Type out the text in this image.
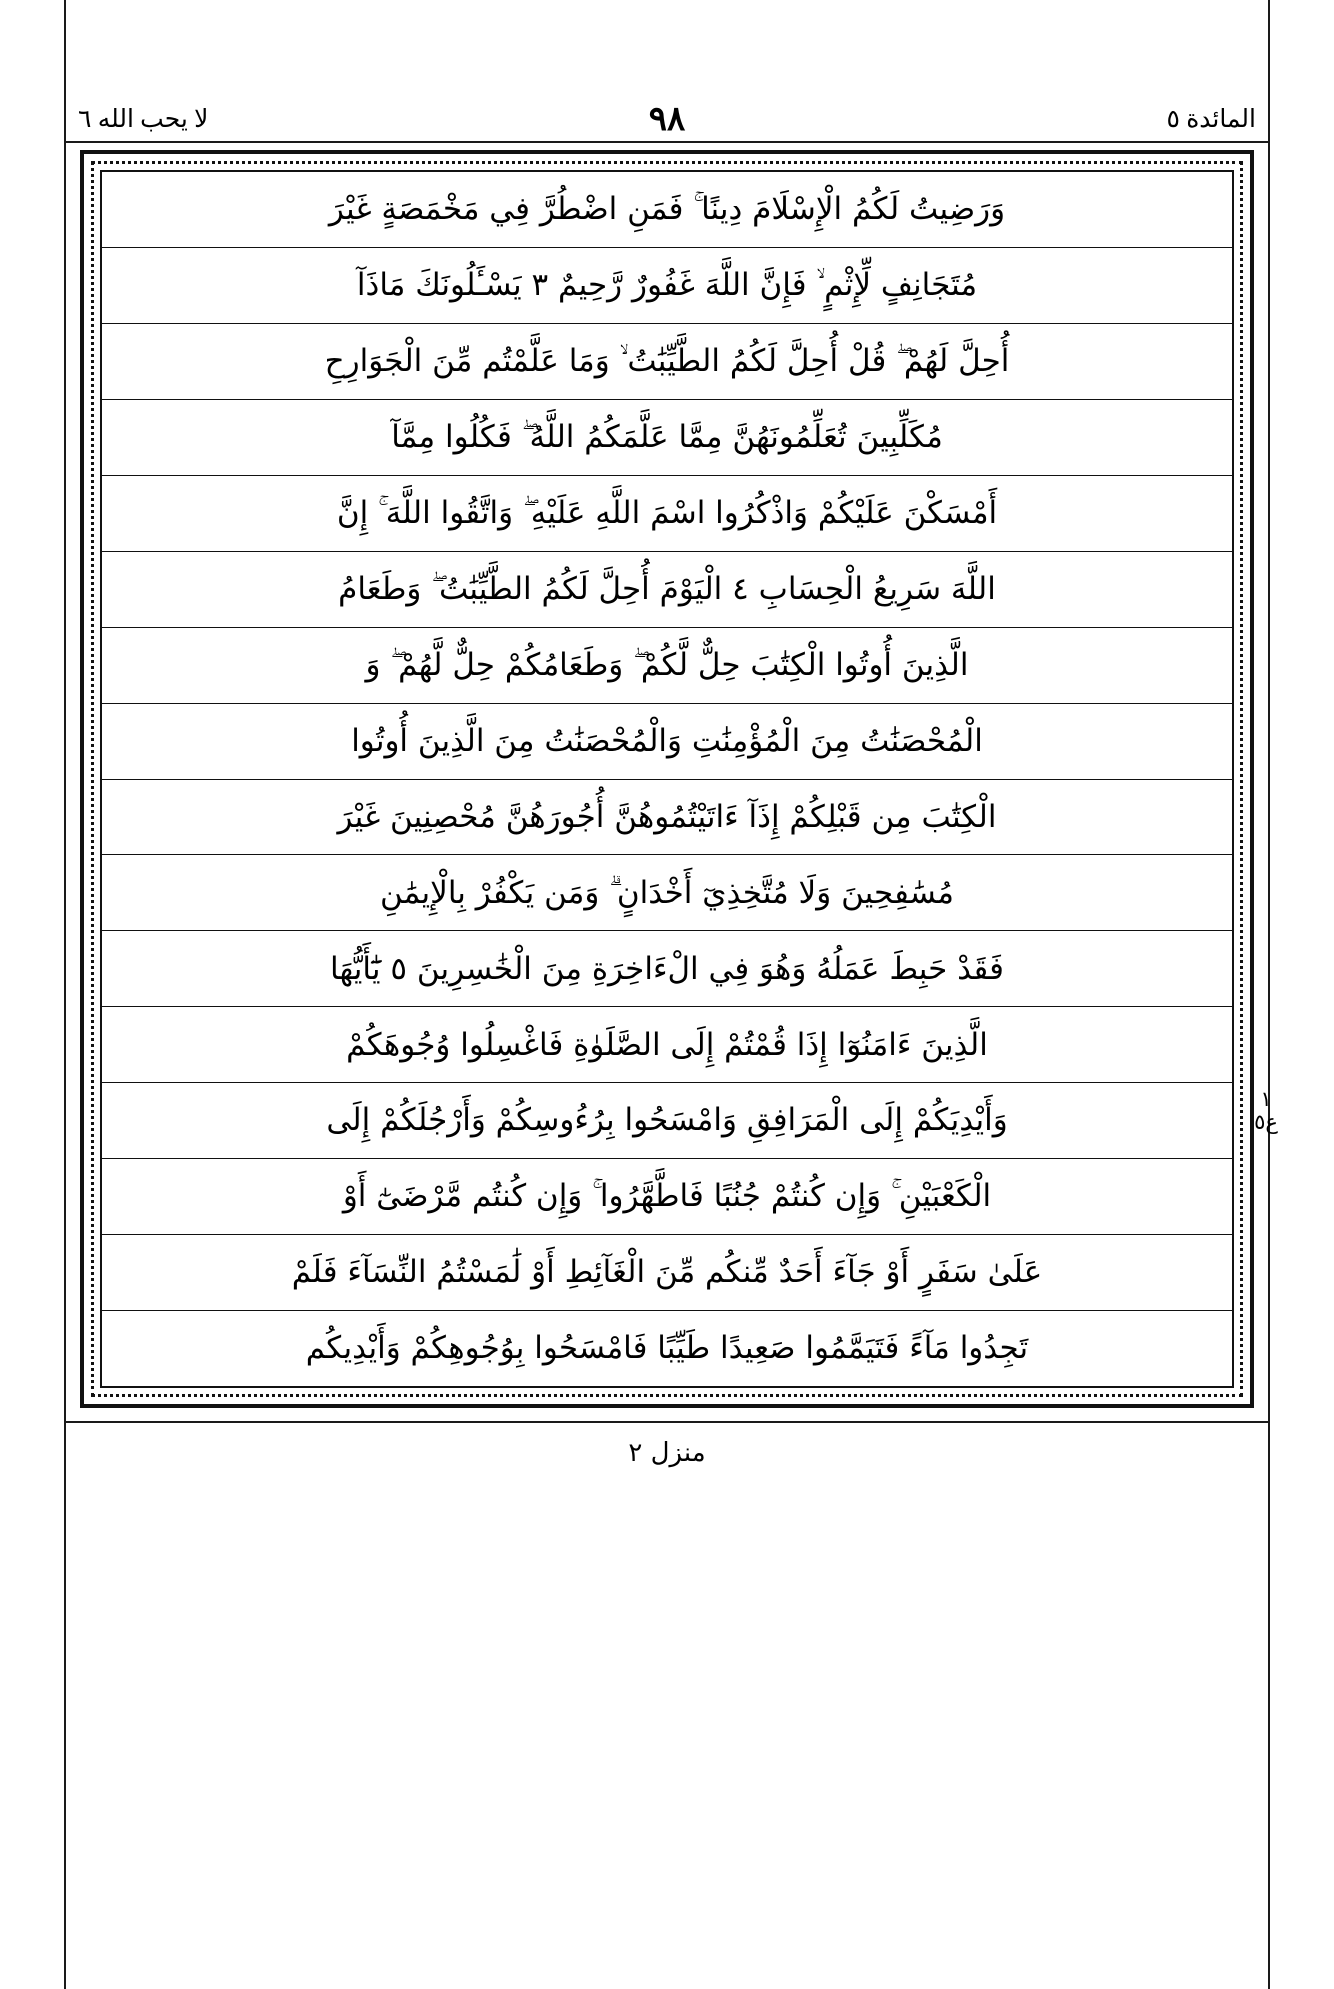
المائدة ٥
٩٨
لا يحب الله ٦
وَرَضِيتُ لَكُمُ الْإِسْلَامَ دِينًا ۚ فَمَنِ اضْطُرَّ فِي مَخْمَصَةٍ غَيْرَ
مُتَجَانِفٍ لِّإِثْمٍ ۙ فَإِنَّ اللَّهَ غَفُورٌ رَّحِيمٌ ٣ يَسْـَٔلُونَكَ مَاذَآ
أُحِلَّ لَهُمْ ۖ قُلْ أُحِلَّ لَكُمُ الطَّيِّبَٰتُ ۙ وَمَا عَلَّمْتُم مِّنَ الْجَوَارِحِ
مُكَلِّبِينَ تُعَلِّمُونَهُنَّ مِمَّا عَلَّمَكُمُ اللَّهُ ۖ فَكُلُوا مِمَّآ
أَمْسَكْنَ عَلَيْكُمْ وَاذْكُرُوا اسْمَ اللَّهِ عَلَيْهِ ۖ وَاتَّقُوا اللَّهَ ۚ إِنَّ
اللَّهَ سَرِيعُ الْحِسَابِ ٤ الْيَوْمَ أُحِلَّ لَكُمُ الطَّيِّبَٰتُ ۖ وَطَعَامُ
الَّذِينَ أُوتُوا الْكِتَٰبَ حِلٌّ لَّكُمْ ۖ وَطَعَامُكُمْ حِلٌّ لَّهُمْ ۖ وَ
الْمُحْصَنَٰتُ مِنَ الْمُؤْمِنَٰتِ وَالْمُحْصَنَٰتُ مِنَ الَّذِينَ أُوتُوا
الْكِتَٰبَ مِن قَبْلِكُمْ إِذَآ ءَاتَيْتُمُوهُنَّ أُجُورَهُنَّ مُحْصِنِينَ غَيْرَ
مُسَٰفِحِينَ وَلَا مُتَّخِذِيٓ أَخْدَانٍ ۗ وَمَن يَكْفُرْ بِالْإِيمَٰنِ
فَقَدْ حَبِطَ عَمَلُهُ وَهُوَ فِي الْءَاخِرَةِ مِنَ الْخَٰسِرِينَ ٥ يَٰٓأَيُّهَا
الَّذِينَ ءَامَنُوٓا إِذَا قُمْتُمْ إِلَى الصَّلَوٰةِ فَاغْسِلُوا وُجُوهَكُمْ
وَأَيْدِيَكُمْ إِلَى الْمَرَافِقِ وَامْسَحُوا بِرُءُوسِكُمْ وَأَرْجُلَكُمْ إِلَى
الْكَعْبَيْنِ ۚ وَإِن كُنتُمْ جُنُبًا فَاطَّهَّرُوا ۚ وَإِن كُنتُم مَّرْضَىٰٓ أَوْ
عَلَىٰ سَفَرٍ أَوْ جَآءَ أَحَدٌ مِّنكُم مِّنَ الْغَآئِطِ أَوْ لَٰمَسْتُمُ النِّسَآءَ فَلَمْ
تَجِدُوا مَآءً فَتَيَمَّمُوا صَعِيدًا طَيِّبًا فَامْسَحُوا بِوُجُوهِكُمْ وَأَيْدِيكُم
١
ع٥
منزل ٢
